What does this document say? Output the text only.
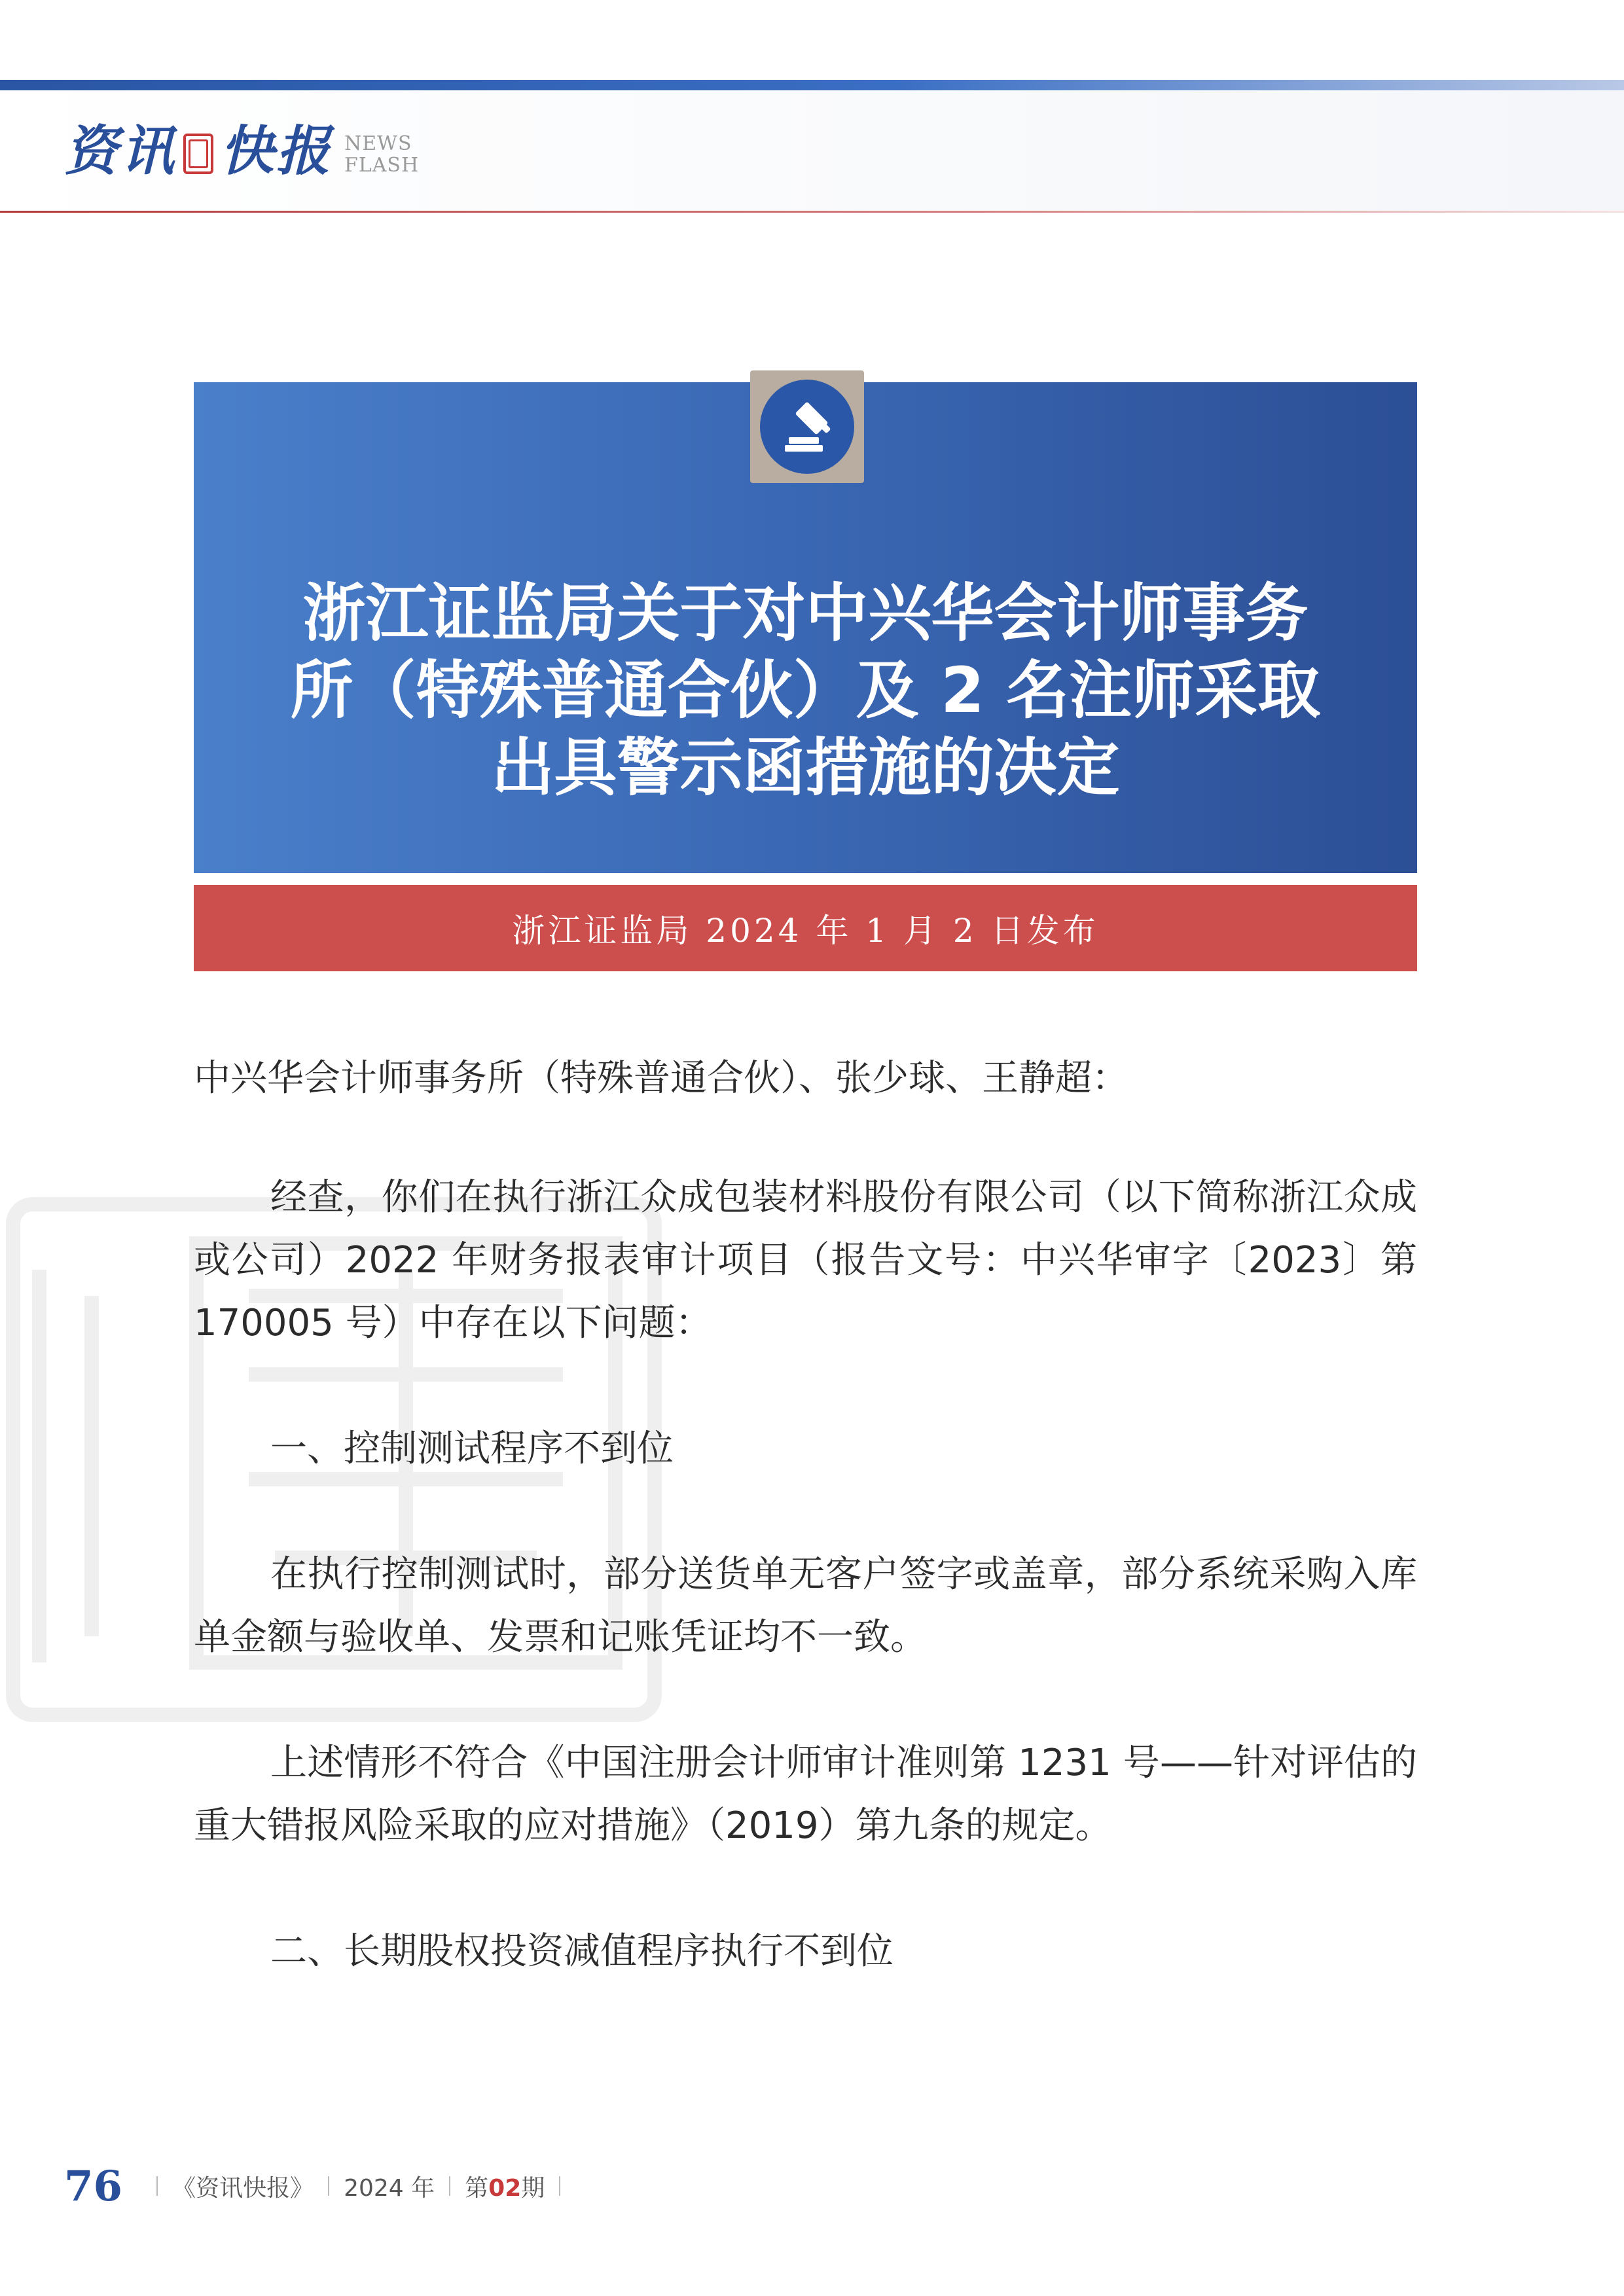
资讯 快报 NEWS
FLASH
浙江证监局关于对中兴华会计师事务
所（特殊普通合伙）及 2 名注师采取
出具警示函措施的决定
浙江证监局 2024 年 1 月 2 日发布

中兴华会计师事务所（特殊普通合伙）、张少球、王静超：

经查，你们在执行浙江众成包装材料股份有限公司（以下简称浙江众成或公司）2022 年财务报表审计项目（报告文号：中兴华审字〔2023〕第 170005 号）中存在以下问题：

一、控制测试程序不到位

在执行控制测试时，部分送货单无客户签字或盖章，部分系统采购入库单金额与验收单、发票和记账凭证均不一致。

上述情形不符合《中国注册会计师审计准则第 1231 号——针对评估的重大错报风险采取的应对措施》（2019）第九条的规定。

二、长期股权投资减值程序执行不到位

76 《资讯快报》 2024 年 第02期
